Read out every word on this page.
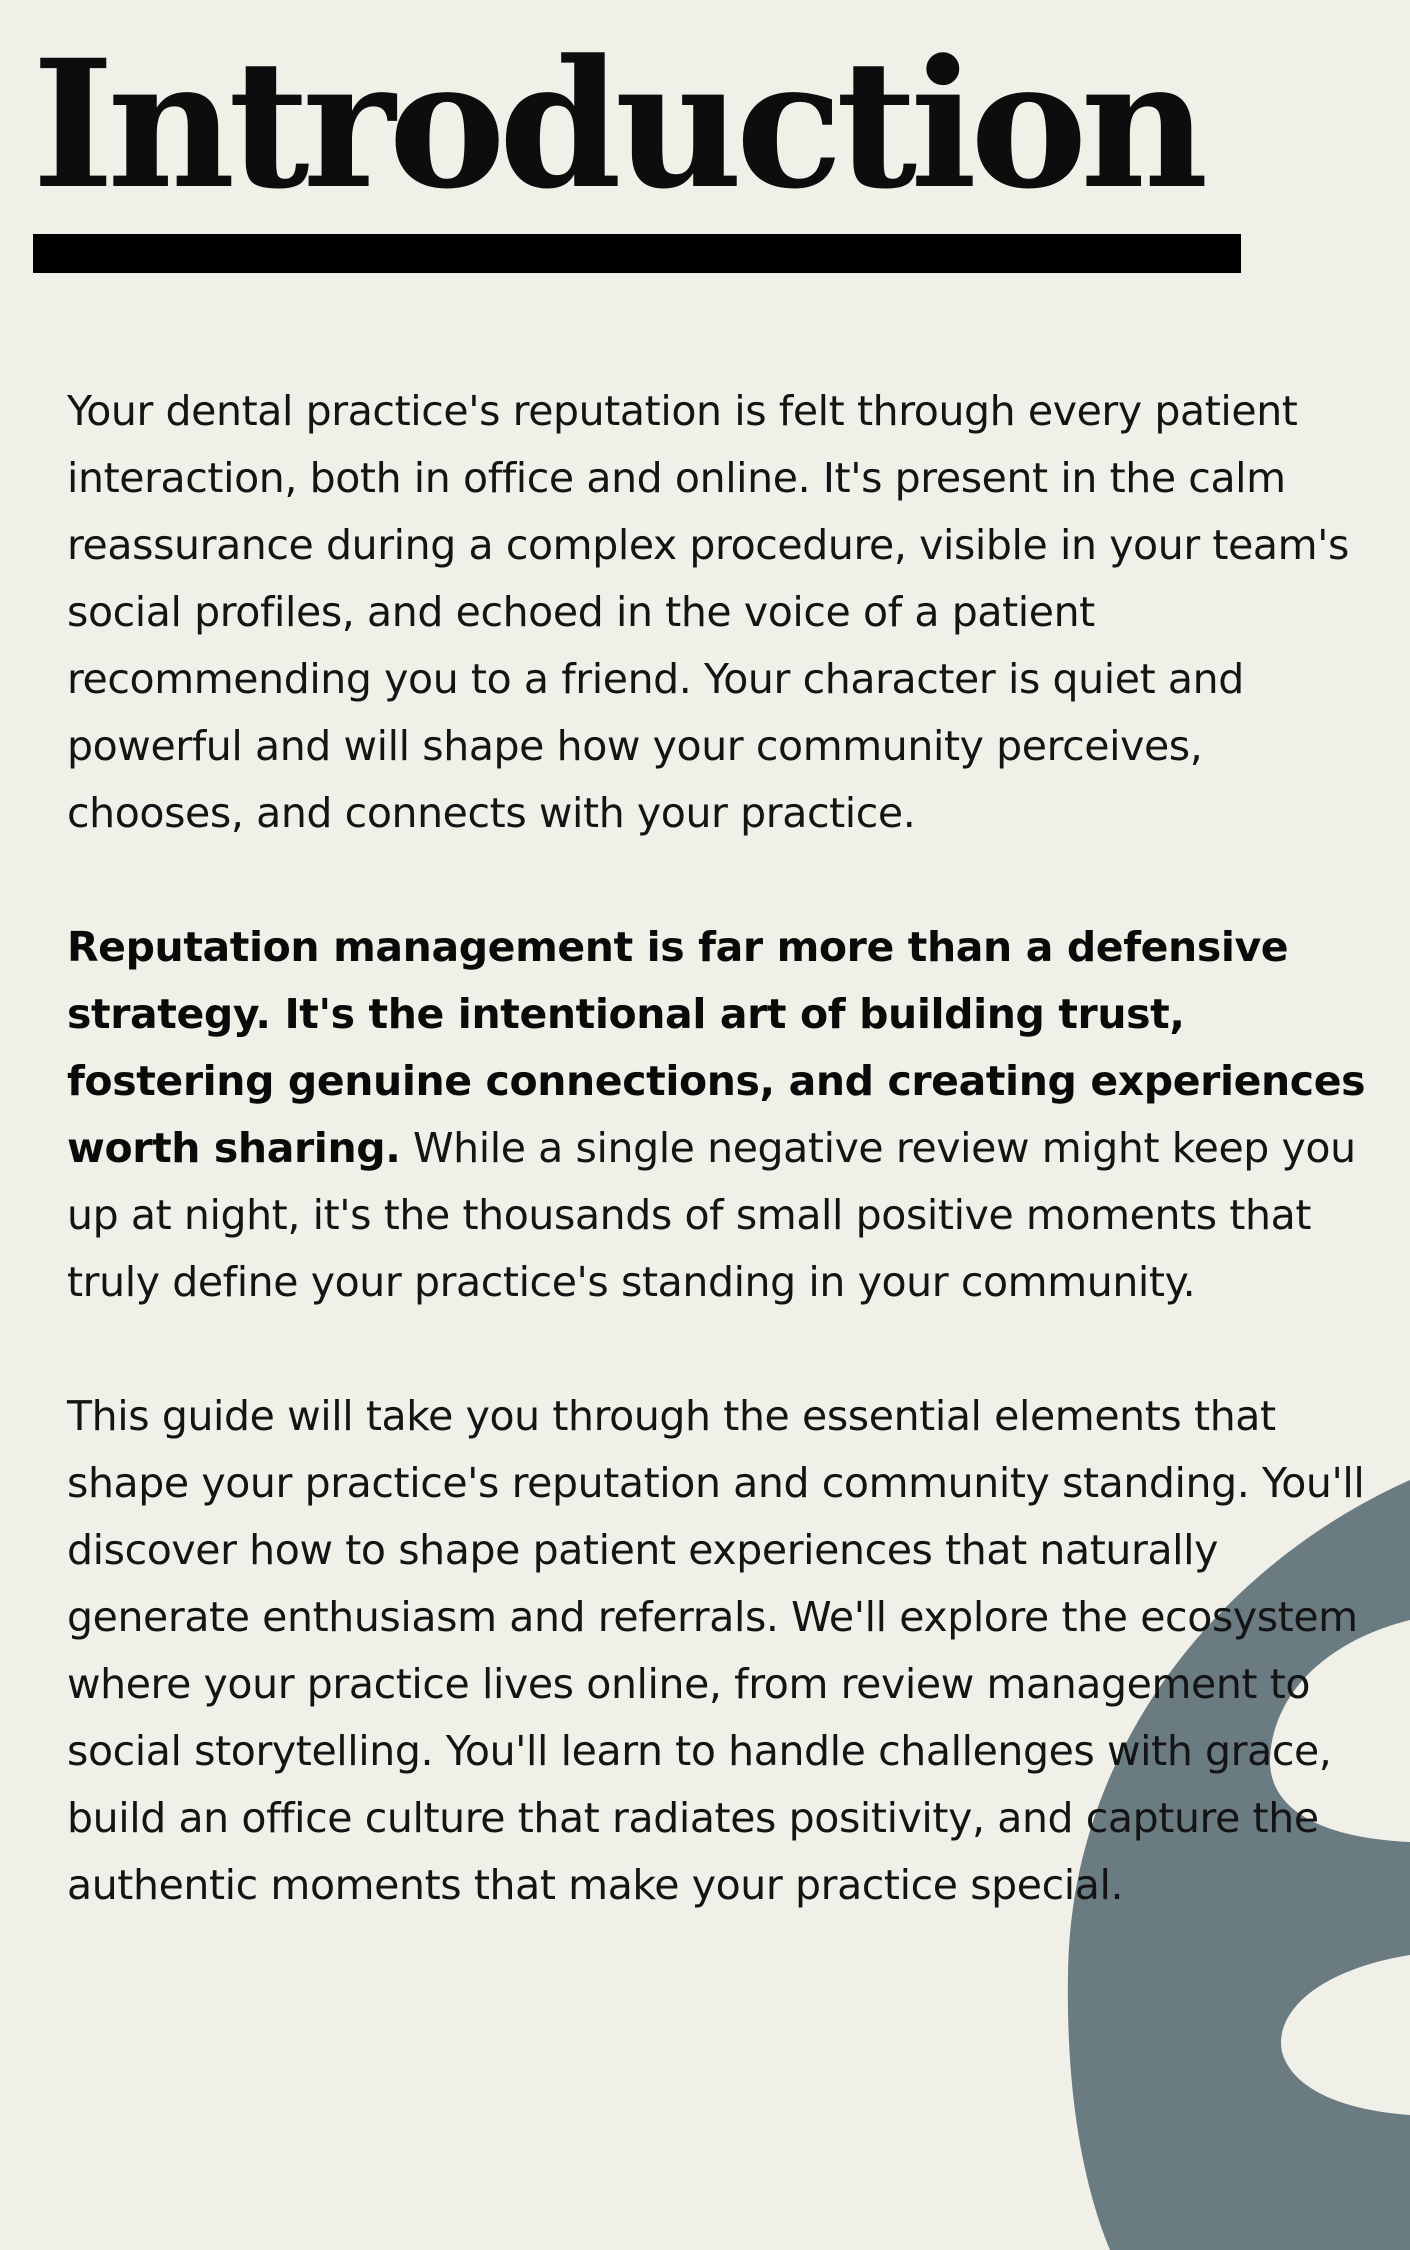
Introduction

Your dental practice's reputation is felt through every patient interaction, both in office and online. It's present in the calm reassurance during a complex procedure, visible in your team's social profiles, and echoed in the voice of a patient recommending you to a friend. Your character is quiet and powerful and will shape how your community perceives, chooses, and connects with your practice.

Reputation management is far more than a defensive strategy. It's the intentional art of building trust, fostering genuine connections, and creating experiences worth sharing. While a single negative review might keep you up at night, it's the thousands of small positive moments that truly define your practice's standing in your community.

This guide will take you through the essential elements that shape your practice's reputation and community standing. You'll discover how to shape patient experiences that naturally generate enthusiasm and referrals. We'll explore the ecosystem where your practice lives online, from review management to social storytelling. You'll learn to handle challenges with grace, build an office culture that radiates positivity, and capture the authentic moments that make your practice special.
